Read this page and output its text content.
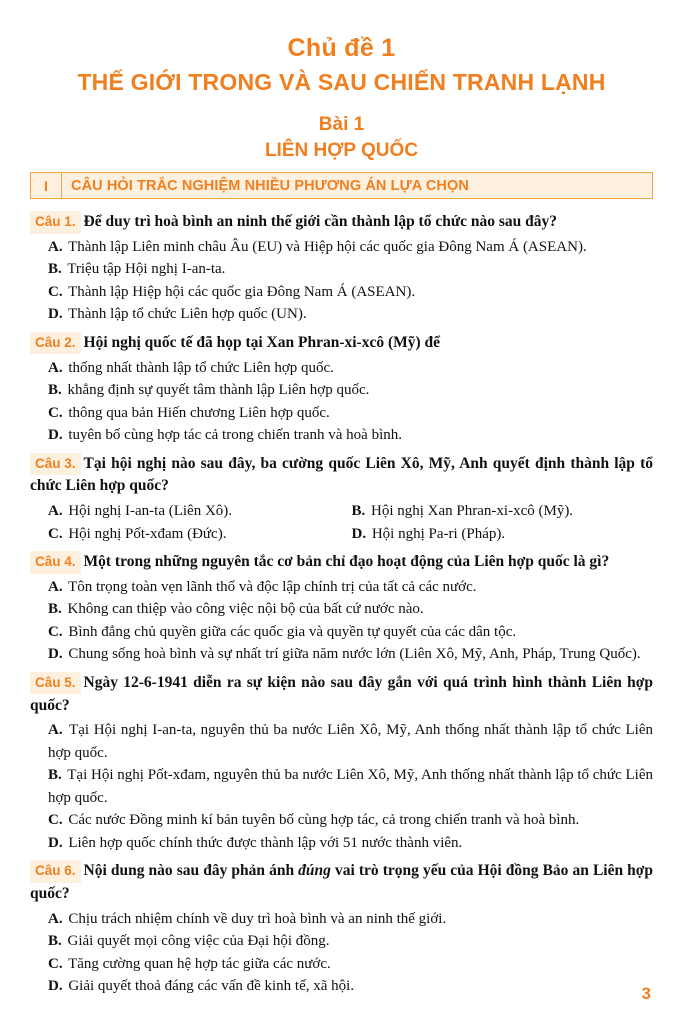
Chủ đề 1
THẾ GIỚI TRONG VÀ SAU CHIẾN TRANH LẠNH
Bài 1
LIÊN HỢP QUỐC
I	CÂU HỎI TRẮC NGHIỆM NHIỀU PHƯƠNG ÁN LỰA CHỌN
Câu 1. Để duy trì hoà bình an ninh thế giới cần thành lập tổ chức nào sau đây?
A. Thành lập Liên minh châu Âu (EU) và Hiệp hội các quốc gia Đông Nam Á (ASEAN).
B. Triệu tập Hội nghị I-an-ta.
C. Thành lập Hiệp hội các quốc gia Đông Nam Á (ASEAN).
D. Thành lập tổ chức Liên hợp quốc (UN).
Câu 2. Hội nghị quốc tế đã họp tại Xan Phran-xi-xcô (Mỹ) để
A. thống nhất thành lập tổ chức Liên hợp quốc.
B. khẳng định sự quyết tâm thành lập Liên hợp quốc.
C. thông qua bản Hiến chương Liên hợp quốc.
D. tuyên bố cùng hợp tác cả trong chiến tranh và hoà bình.
Câu 3. Tại hội nghị nào sau đây, ba cường quốc Liên Xô, Mỹ, Anh quyết định thành lập tổ chức Liên hợp quốc?
A. Hội nghị I-an-ta (Liên Xô).	B. Hội nghị Xan Phran-xi-xcô (Mỹ).
C. Hội nghị Pốt-xđam (Đức).	D. Hội nghị Pa-ri (Pháp).
Câu 4. Một trong những nguyên tắc cơ bản chỉ đạo hoạt động của Liên hợp quốc là gì?
A. Tôn trọng toàn vẹn lãnh thổ và độc lập chính trị của tất cả các nước.
B. Không can thiệp vào công việc nội bộ của bất cứ nước nào.
C. Bình đẳng chủ quyền giữa các quốc gia và quyền tự quyết của các dân tộc.
D. Chung sống hoà bình và sự nhất trí giữa năm nước lớn (Liên Xô, Mỹ, Anh, Pháp, Trung Quốc).
Câu 5. Ngày 12-6-1941 diễn ra sự kiện nào sau đây gắn với quá trình hình thành Liên hợp quốc?
A. Tại Hội nghị I-an-ta, nguyên thủ ba nước Liên Xô, Mỹ, Anh thống nhất thành lập tổ chức Liên hợp quốc.
B. Tại Hội nghị Pốt-xđam, nguyên thủ ba nước Liên Xô, Mỹ, Anh thống nhất thành lập tổ chức Liên hợp quốc.
C. Các nước Đồng minh kí bản tuyên bố cùng hợp tác, cả trong chiến tranh và hoà bình.
D. Liên hợp quốc chính thức được thành lập với 51 nước thành viên.
Câu 6. Nội dung nào sau đây phản ánh đúng vai trò trọng yếu của Hội đồng Bảo an Liên hợp quốc?
A. Chịu trách nhiệm chính về duy trì hoà bình và an ninh thế giới.
B. Giải quyết mọi công việc của Đại hội đồng.
C. Tăng cường quan hệ hợp tác giữa các nước.
D. Giải quyết thoả đáng các vấn đề kinh tế, xã hội.	3
